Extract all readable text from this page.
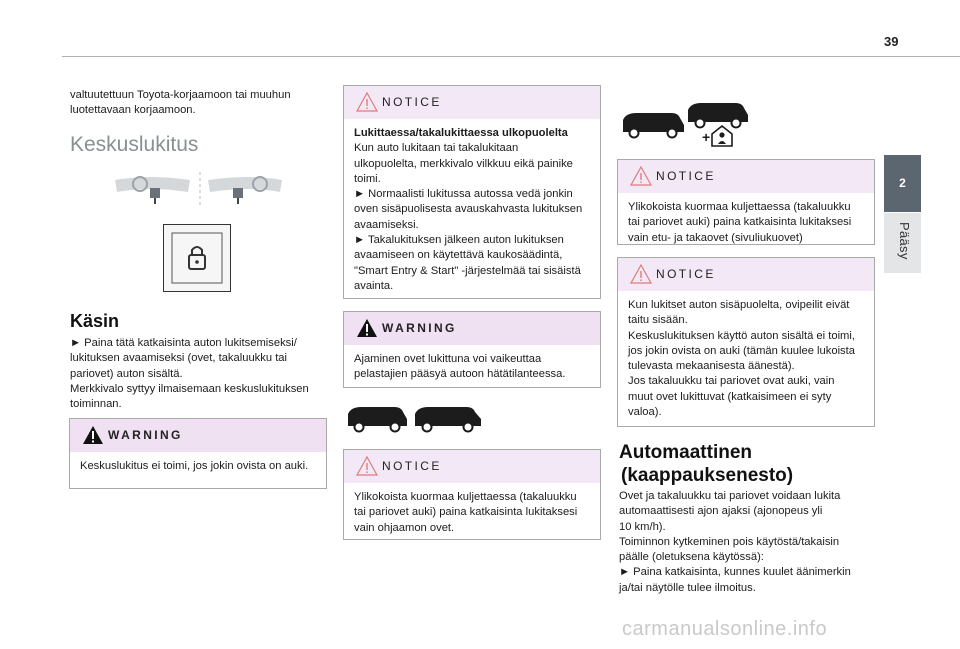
39
2
Pääsy

valtuutettuun Toyota-korjaamoon tai muuhun

luotettavaan korjaamoon.

Keskuslukitus
Käsin

► Paina tätä katkaisinta auton lukitsemiseksi/

lukituksen avaamiseksi (ovet, takaluukku tai

pariovet) auton sisältä.

Merkkivalo syttyy ilmaisemaan keskuslukituksen

toiminnan.

WARNING

Keskuslukitus ei toimi, jos jokin ovista on auki.

NOTICE

Lukittaessa/takalukittaessa ulkopuolelta

Kun auto lukitaan tai takalukitaan

ulkopuolelta, merkkivalo vilkkuu eikä painike

toimi.

► Normaalisti lukitussa autossa vedä jonkin

oven sisäpuolisesta avauskahvasta lukituksen

avaamiseksi.

► Takalukituksen jälkeen auton lukituksen

avaamiseen on käytettävä kaukosäädintä,

"Smart Entry & Start" -järjestelmää tai sisäistä

avainta.

WARNING

Ajaminen ovet lukittuna voi vaikeuttaa

pelastajien pääsyä autoon hätätilanteessa.

NOTICE

Ylikokoista kuormaa kuljettaessa (takaluukku

tai pariovet auki) paina katkaisinta lukitaksesi

vain ohjaamon ovet.

+
NOTICE

Ylikokoista kuormaa kuljettaessa (takaluukku

tai pariovet auki) paina katkaisinta lukitaksesi

vain etu- ja takaovet (sivuliukuovet)

NOTICE

Kun lukitset auton sisäpuolelta, ovipeilit eivät

taitu sisään.

Keskuslukituksen käyttö auton sisältä ei toimi,

jos jokin ovista on auki (tämän kuulee lukoista

tulevasta mekaanisesta äänestä).

Jos takaluukku tai pariovet ovat auki, vain

muut ovet lukittuvat (katkaisimeen ei syty

valoa).

Automaattinen
(kaappauksenesto)

Ovet ja takaluukku tai pariovet voidaan lukita

automaattisesti ajon ajaksi (ajonopeus yli

10 km/h).

Toiminnon kytkeminen pois käytöstä/takaisin

päälle (oletuksena käytössä):

► Paina katkaisinta, kunnes kuulet äänimerkin

ja/tai näytölle tulee ilmoitus.

carmanualsonline.info
